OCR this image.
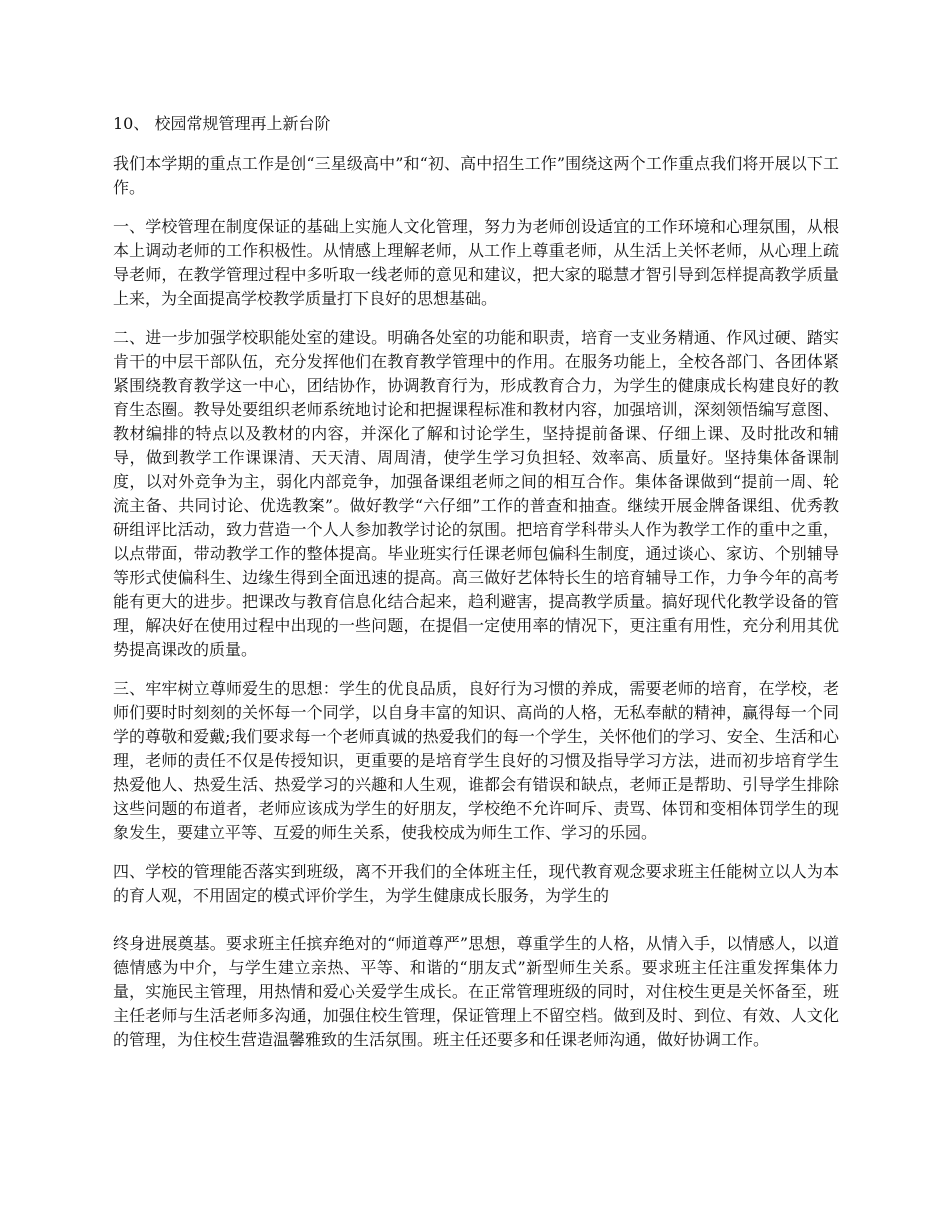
10、 校园常规管理再上新台阶

我们本学期的重点工作是创“三星级高中”和“初、高中招生工作”围绕这两个工作重点我们将开展以下工作。

一、学校管理在制度保证的基础上实施人文化管理，努力为老师创设适宜的工作环境和心理氛围，从根本上调动老师的工作积极性。从情感上理解老师，从工作上尊重老师，从生活上关怀老师，从心理上疏导老师，在教学管理过程中多听取一线老师的意见和建议，把大家的聪慧才智引导到怎样提高教学质量上来，为全面提高学校教学质量打下良好的思想基础。

二、进一步加强学校职能处室的建设。明确各处室的功能和职责，培育一支业务精通、作风过硬、踏实肯干的中层干部队伍，充分发挥他们在教育教学管理中的作用。在服务功能上，全校各部门、各团体紧紧围绕教育教学这一中心，团结协作，协调教育行为，形成教育合力，为学生的健康成长构建良好的教育生态圈。教导处要组织老师系统地讨论和把握课程标准和教材内容，加强培训，深刻领悟编写意图、教材编排的特点以及教材的内容，并深化了解和讨论学生，坚持提前备课、仔细上课、及时批改和辅导，做到教学工作课课清、天天清、周周清，使学生学习负担轻、效率高、质量好。坚持集体备课制度，以对外竞争为主，弱化内部竞争，加强备课组老师之间的相互合作。集体备课做到“提前一周、轮流主备、共同讨论、优选教案”。做好教学“六仔细”工作的普查和抽查。继续开展金牌备课组、优秀教研组评比活动，致力营造一个人人参加教学讨论的氛围。把培育学科带头人作为教学工作的重中之重，以点带面，带动教学工作的整体提高。毕业班实行任课老师包偏科生制度，通过谈心、家访、个别辅导等形式使偏科生、边缘生得到全面迅速的提高。高三做好艺体特长生的培育辅导工作，力争今年的高考能有更大的进步。把课改与教育信息化结合起来，趋利避害，提高教学质量。搞好现代化教学设备的管理，解决好在使用过程中出现的一些问题，在提倡一定使用率的情况下，更注重有用性，充分利用其优势提高课改的质量。

三、牢牢树立尊师爱生的思想：学生的优良品质，良好行为习惯的养成，需要老师的培育，在学校，老师们要时时刻刻的关怀每一个同学，以自身丰富的知识、高尚的人格，无私奉献的精神，赢得每一个同学的尊敬和爱戴;我们要求每一个老师真诚的热爱我们的每一个学生，关怀他们的学习、安全、生活和心理，老师的责任不仅是传授知识，更重要的是培育学生良好的习惯及指导学习方法，进而初步培育学生热爱他人、热爱生活、热爱学习的兴趣和人生观，谁都会有错误和缺点，老师正是帮助、引导学生排除这些问题的布道者，老师应该成为学生的好朋友，学校绝不允许呵斥、责骂、体罚和变相体罚学生的现象发生，要建立平等、互爱的师生关系，使我校成为师生工作、学习的乐园。

四、学校的管理能否落实到班级，离不开我们的全体班主任，现代教育观念要求班主任能树立以人为本的育人观，不用固定的模式评价学生，为学生健康成长服务，为学生的

终身进展奠基。要求班主任摈弃绝对的“师道尊严”思想，尊重学生的人格，从情入手，以情感人，以道德情感为中介，与学生建立亲热、平等、和谐的“朋友式”新型师生关系。要求班主任注重发挥集体力量，实施民主管理，用热情和爱心关爱学生成长。在正常管理班级的同时，对住校生更是关怀备至，班主任老师与生活老师多沟通，加强住校生管理，保证管理上不留空档。做到及时、到位、有效、人文化的管理，为住校生营造温馨雅致的生活氛围。班主任还要多和任课老师沟通，做好协调工作。
